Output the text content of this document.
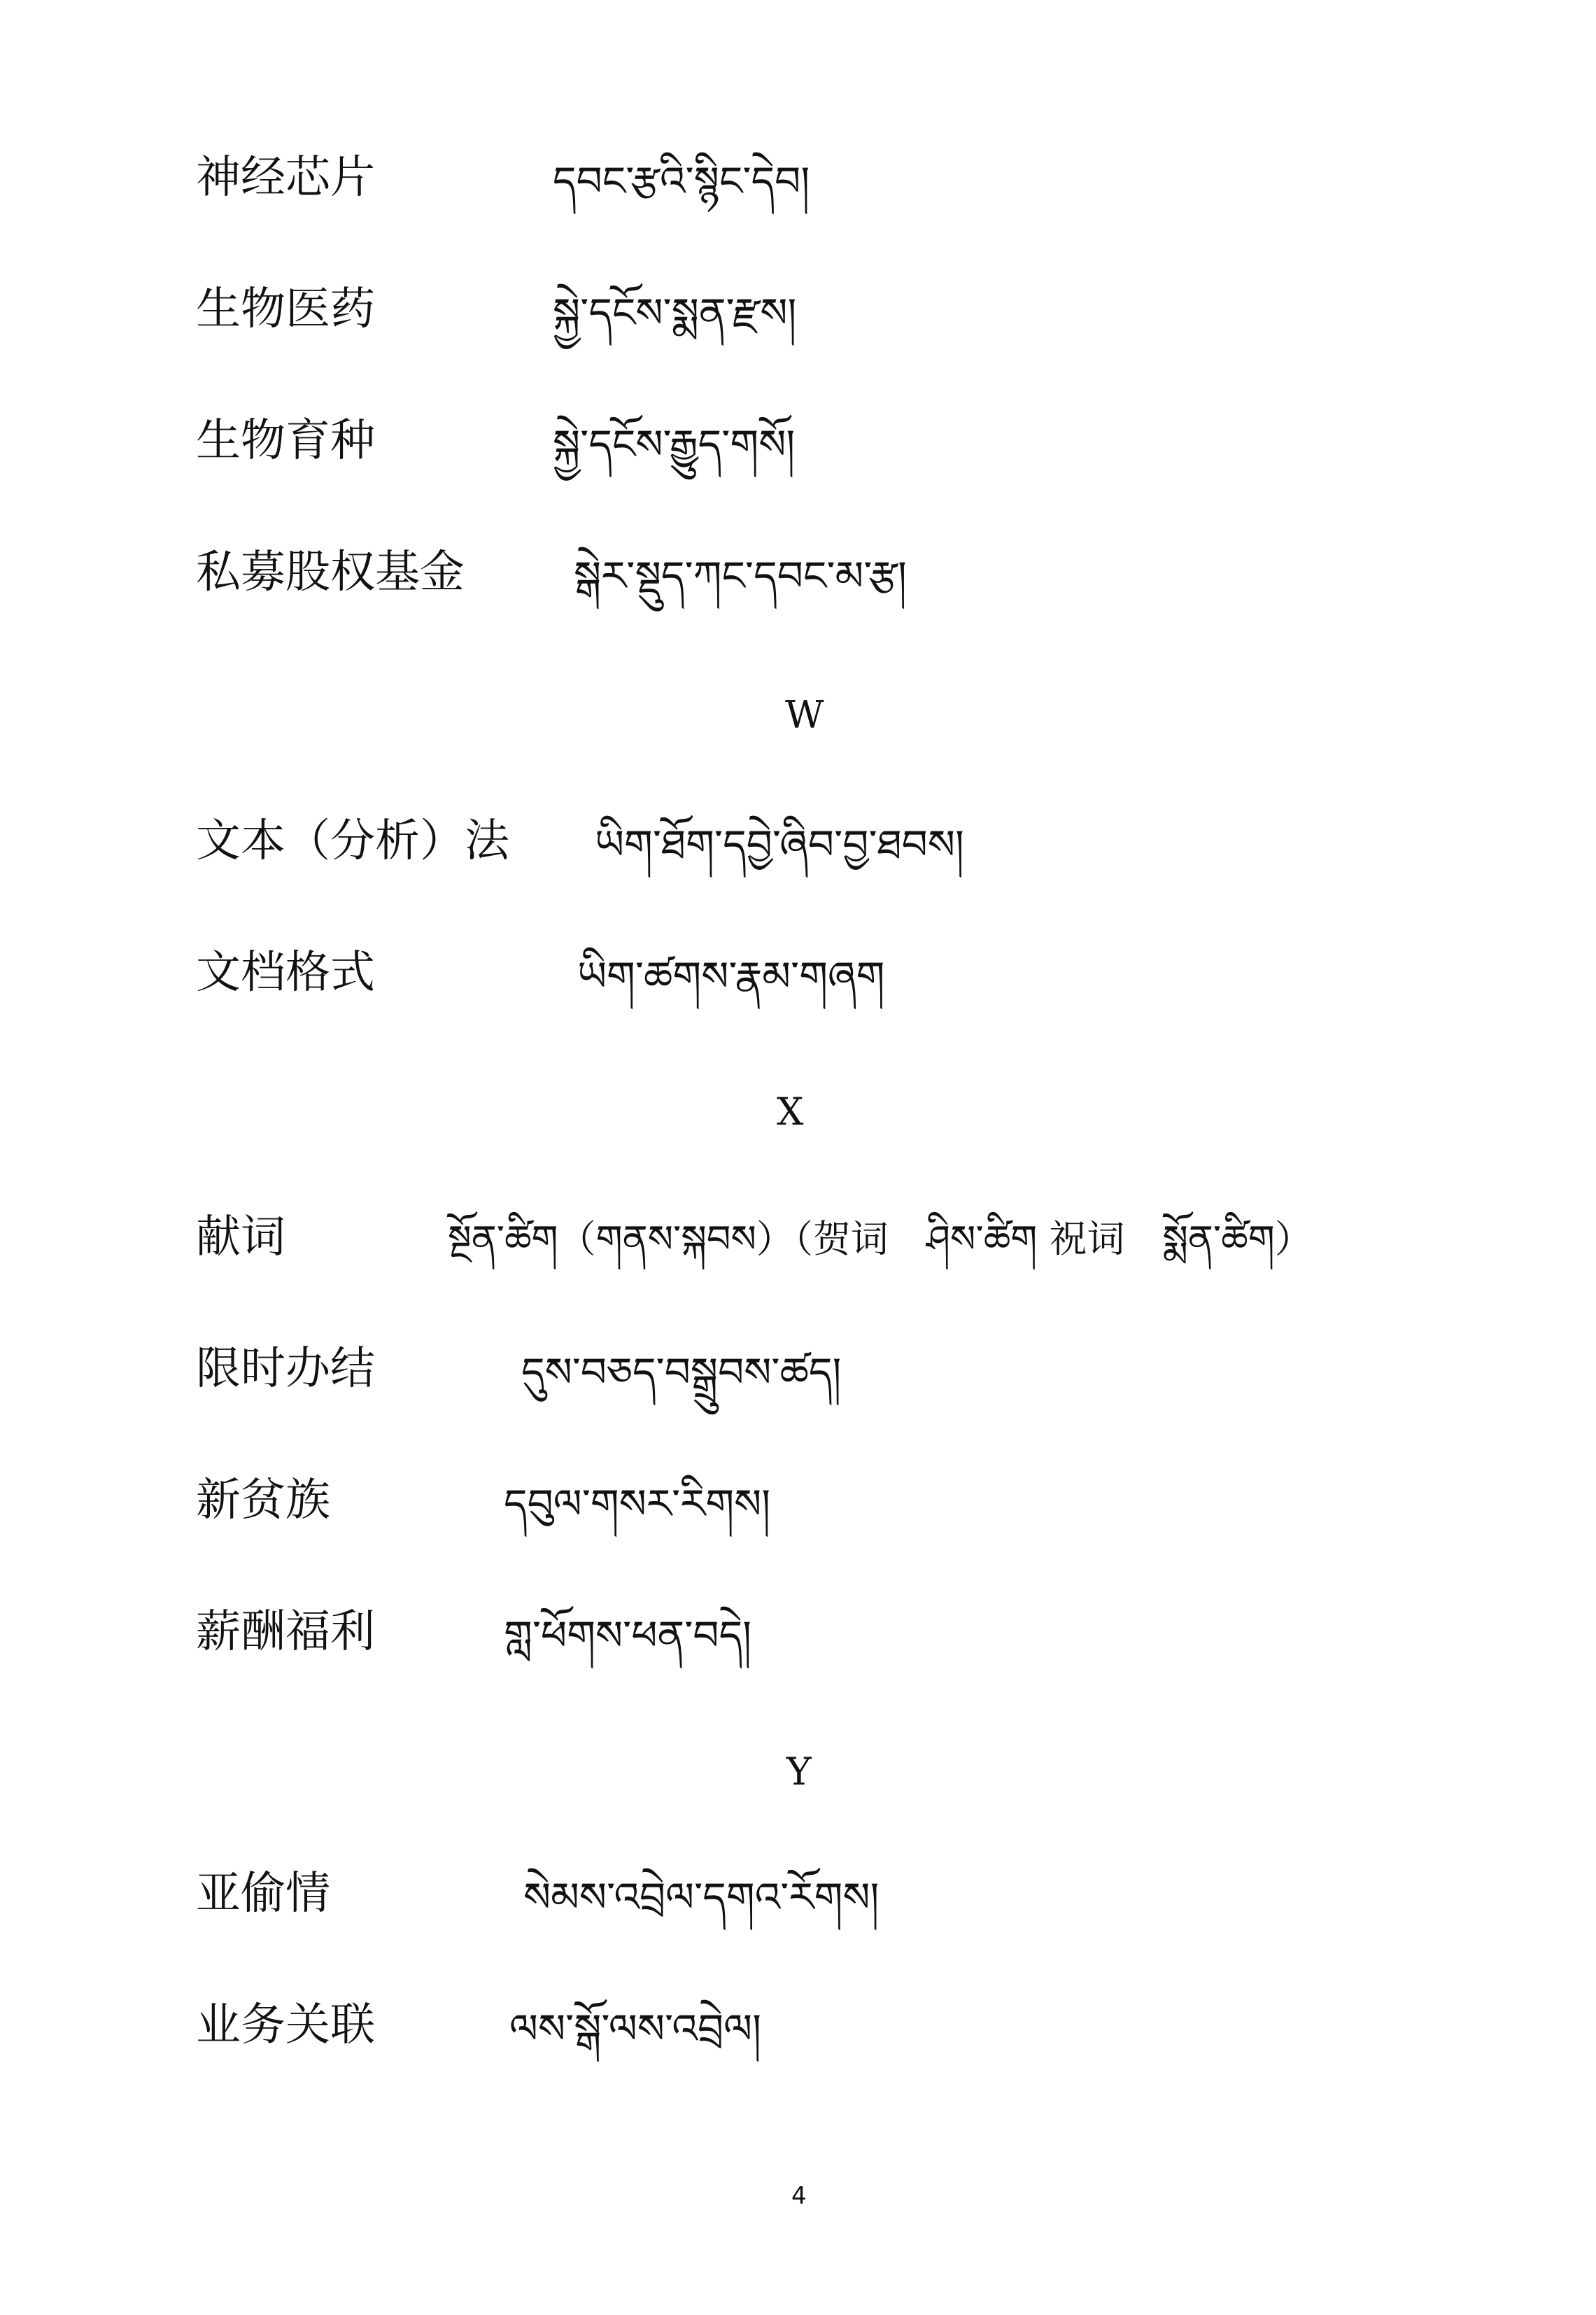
神经芯片	དབང་རྩའི་སྙིང་དེབ།
生物医药	སྐྱེ་དངོས་སྨན་རྫས།
生物育种	སྐྱེ་དངོས་རྒྱུད་གསོ།
私募股权基金	སྒེར་སྡུད་ཀང་དབང་མ་རྩ།
W
文本（分析）法 ཡིག་ཐོག་དབྱེ་ཞིབ་བྱ་ཐབས།
文档格式	ཡིག་ཚགས་རྣམ་གཞག
X
献词	སྔོན་ཚིག（གནས་སྐབས）（贺词　ཤིས་ཚིག 祝词　སྨོན་ཚིག）
限时办结	དུས་བཅད་བསྒྲུབས་ཚད།
新贫族	དབུལ་གསར་རིགས།
薪酬福利	གླ་ཕོགས་ཕན་བདེ།
Y
亚偷情	སེམས་འབྲེལ་དགའ་རོགས།
业务关联	ལས་སྒོ་ལས་འབྲེལ།
4
